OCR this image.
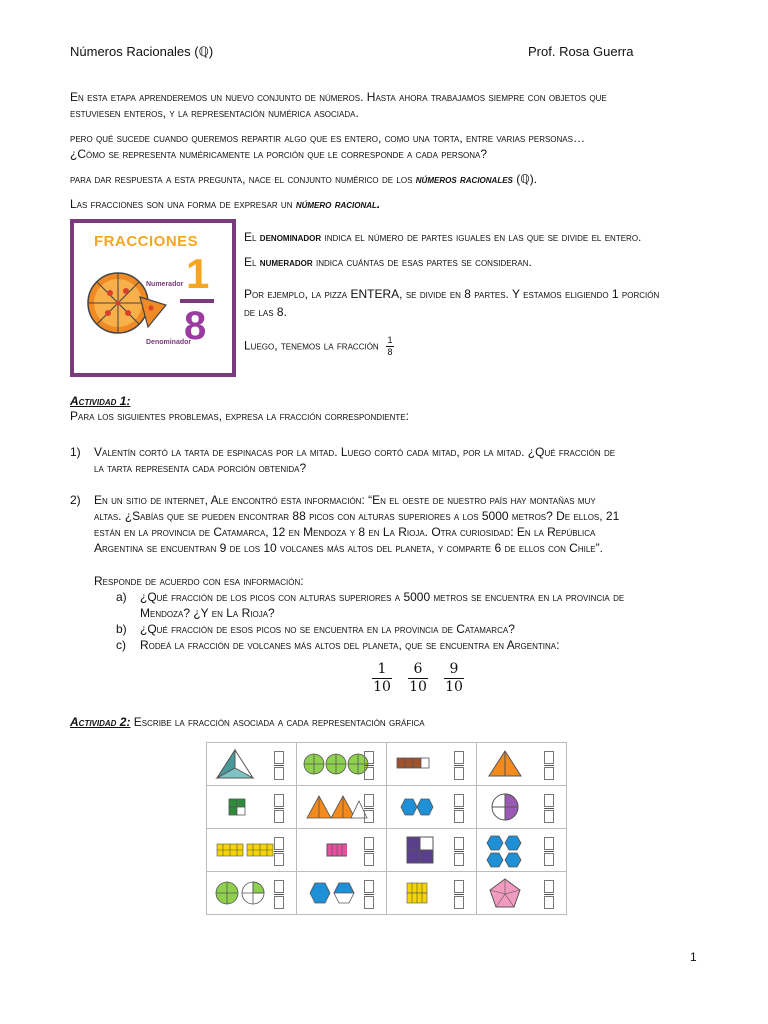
Números Racionales (ℚ)	Prof. Rosa Guerra
En esta etapa aprenderemos un nuevo conjunto de números. Hasta ahora trabajamos siempre con objetos que
estuviesen enteros, y la representación numérica asociada.
pero qué sucede cuando queremos repartir algo que es entero, como una torta, entre varias personas…
¿Cómo se representa numéricamente la porción que le corresponde a cada persona?
para dar respuesta a esta pregunta, nace el conjunto numérico de los números racionales (ℚ).
Las fracciones son una forma de expresar un número racional.
FRACCIONES
Numerador
Denominador
1
8
El denominador indica el número de partes iguales en las que se divide el entero.
El numerador indica cuántas de esas partes se consideran.
Por ejemplo, la pizza ENTERA, se divide en 8 partes. Y estamos eligiendo 1 porción
de las 8.
Luego, tenemos la fracción $\frac{1}{8}$
Actividad 1:
Para los siguientes problemas, expresa la fracción correspondiente:
1) Valentín cortó la tarta de espinacas por la mitad. Luego cortó cada mitad, por la mitad. ¿Qué fracción de
la tarta representa cada porción obtenida?
2) En un sitio de internet, Ale encontró esta información: “En el oeste de nuestro país hay montañas muy
altas. ¿Sabías que se pueden encontrar 88 picos con alturas superiores a los 5000 metros? De ellos, 21
están en la provincia de Catamarca, 12 en Mendoza y 8 en La Rioja. Otra curiosidad: En la República
Argentina se encuentran 9 de los 10 volcanes más altos del planeta, y comparte 6 de ellos con Chile”.
Responde de acuerdo con esa información:
a) ¿Qué fracción de los picos con alturas superiores a 5000 metros se encuentra en la provincia de
Mendoza? ¿Y en La Rioja?
b) ¿Qué fracción de esos picos no se encuentra en la provincia de Catamarca?
c) Rodeá la fracción de volcanes más altos del planeta, que se encuentra en Argentina:
1
10
6
10
9
10
Actividad 2: Escribe la fracción asociada a cada representación gráfica

1
